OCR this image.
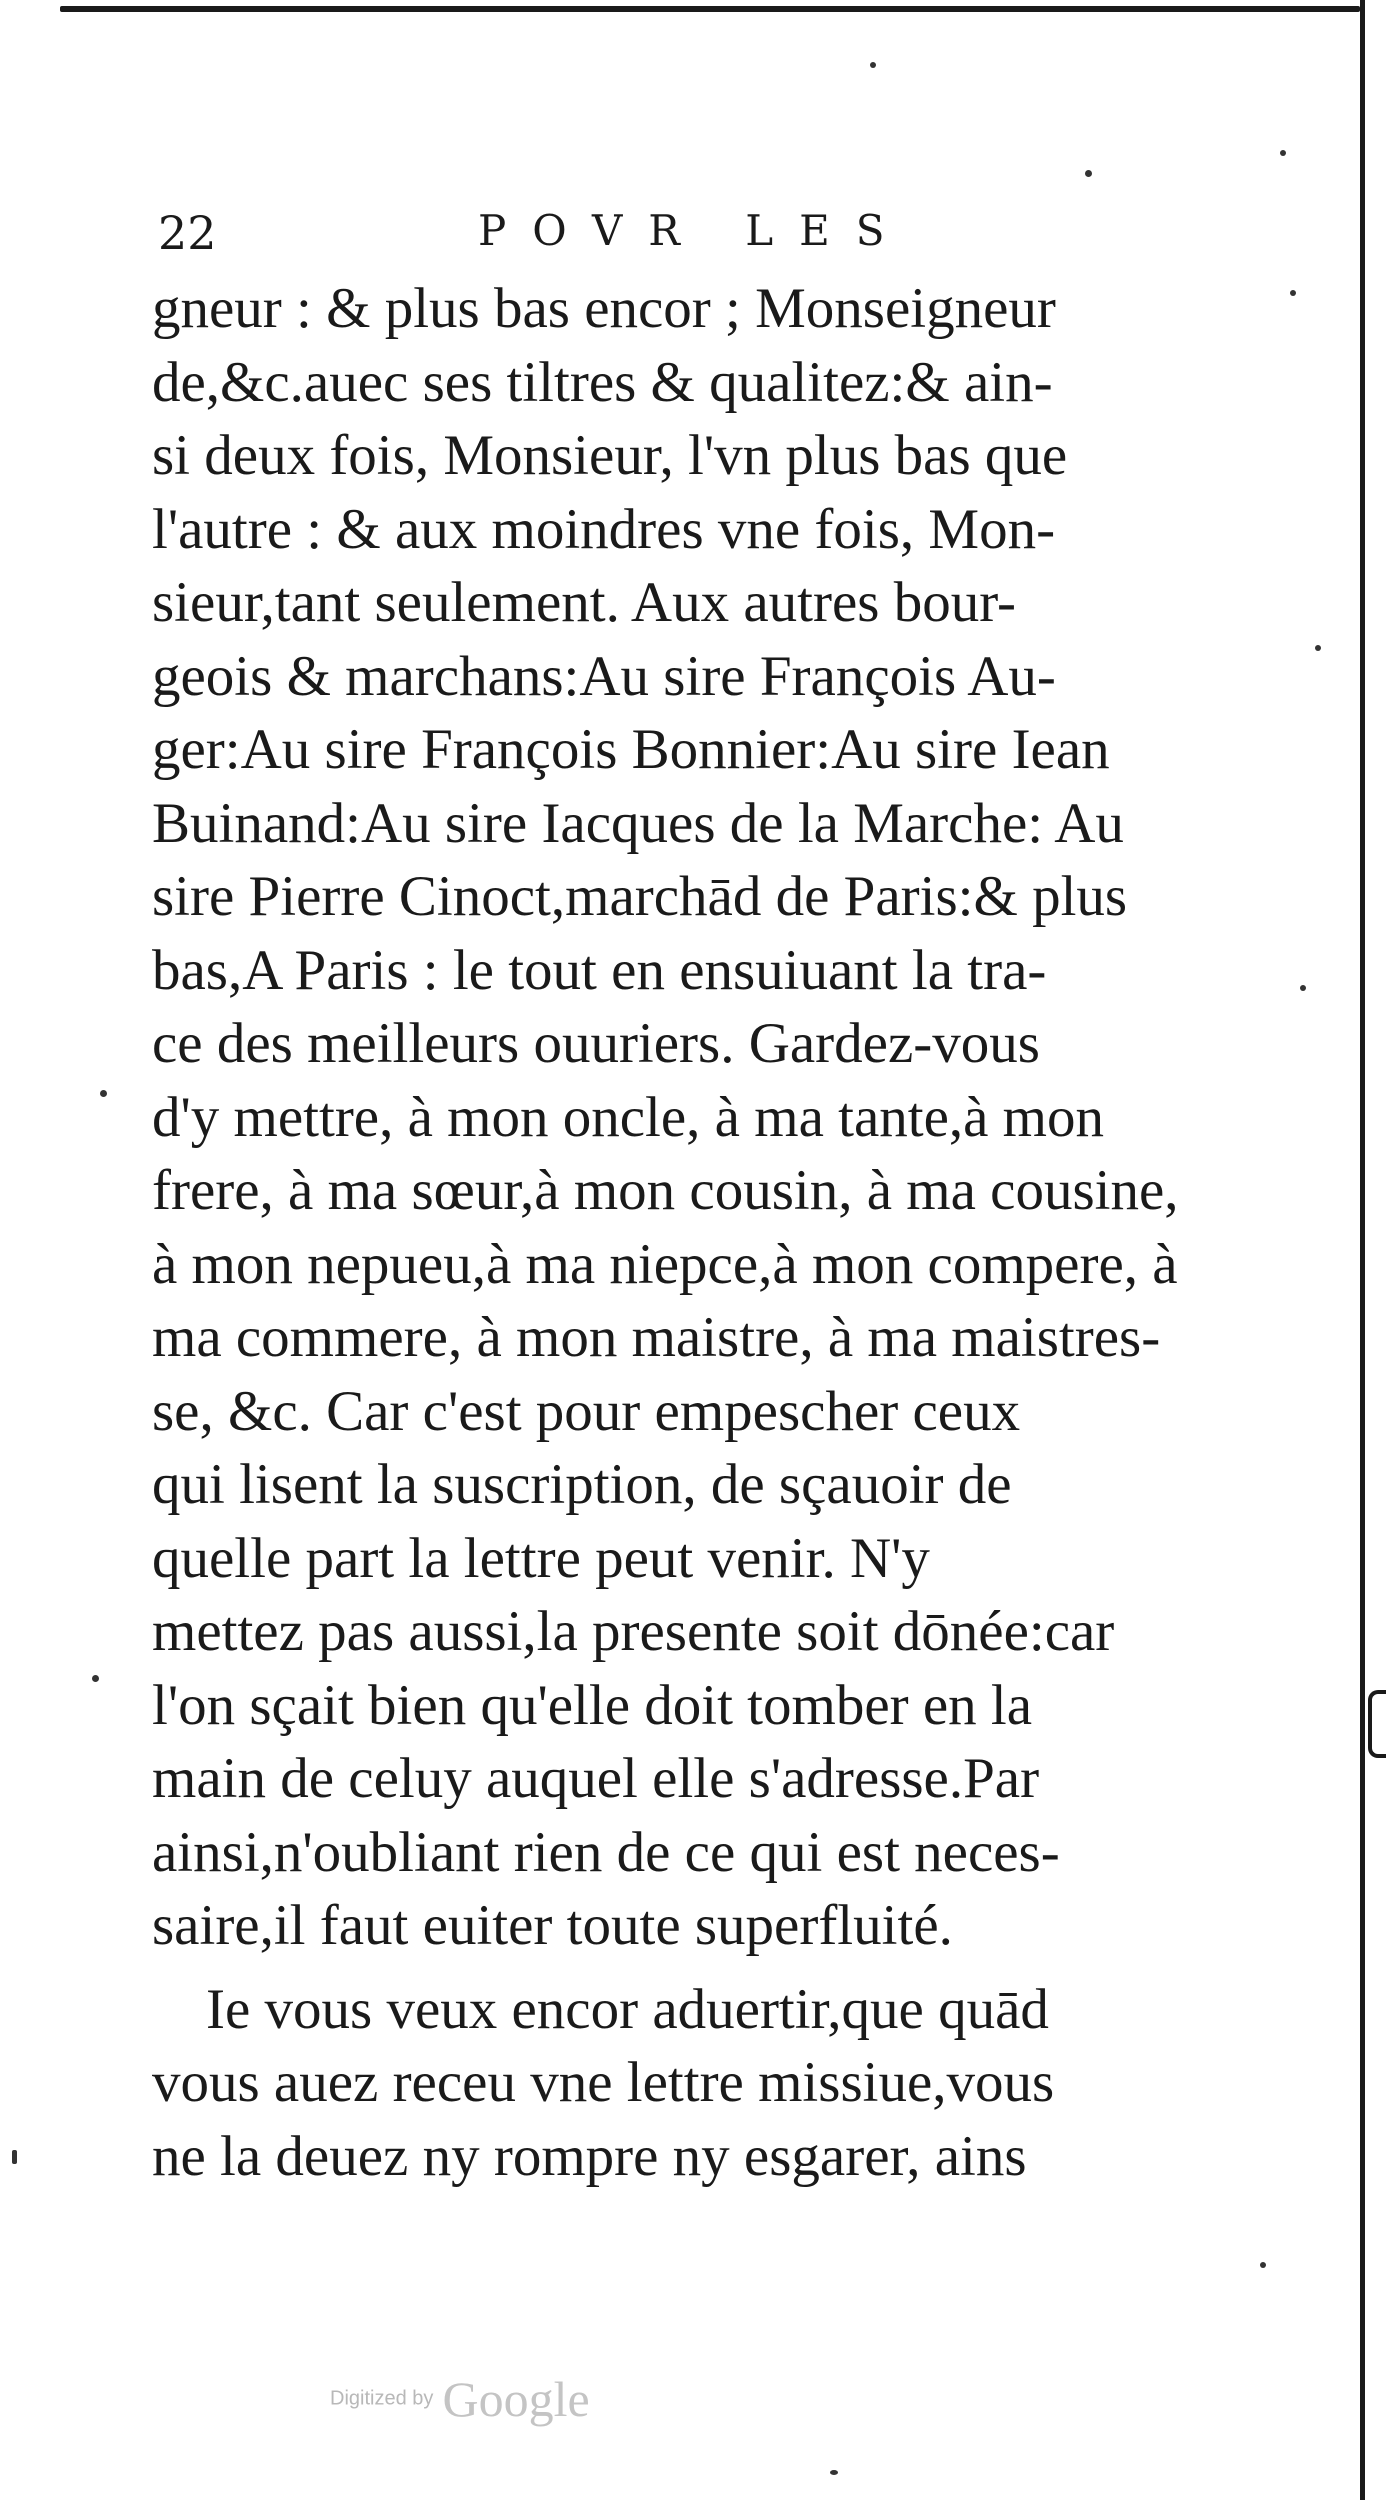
22	POVR LES
gneur : & plus bas encor ; Monseigneur
de,&c.auec ses tiltres & qualitez:& ain-
si deux fois, Monsieur, l'vn plus bas que
l'autre : & aux moindres vne fois, Mon-
sieur,tant seulement. Aux autres bour-
geois & marchans:Au sire François Au-
ger:Au sire François Bonnier:Au sire Iean
Buinand:Au sire Iacques de la Marche: Au
sire Pierre Cinoct,marchād de Paris:& plus
bas,A Paris : le tout en ensuiuant la tra-
ce des meilleurs ouuriers. Gardez-vous
d'y mettre, à mon oncle, à ma tante,à mon
frere, à ma sœur,à mon cousin, à ma cousine,
à mon nepueu,à ma niepce,à mon compere, à
ma commere, à mon maistre, à ma maistres-
se, &c. Car c'est pour empescher ceux
qui lisent la suscription, de sçauoir de
quelle part la lettre peut venir. N'y
mettez pas aussi,la presente soit dōnée:car
l'on sçait bien qu'elle doit tomber en la
main de celuy auquel elle s'adresse.Par
ainsi,n'oubliant rien de ce qui est neces-
saire,il faut euiter toute superfluité.
Ie vous veux encor aduertir,que quād
vous auez receu vne lettre missiue,vous
ne la deuez ny rompre ny esgarer, ains
Digitized by Google
